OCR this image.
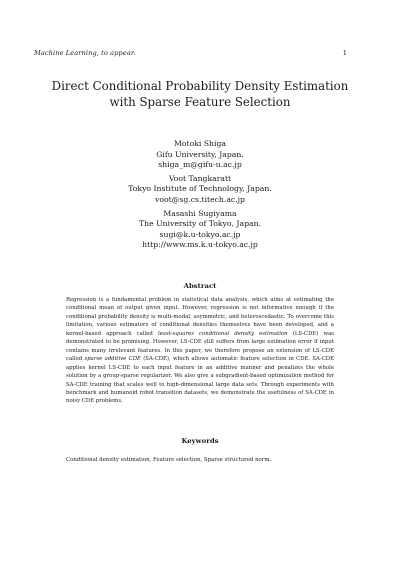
Machine Learning, to appear.	1
Direct Conditional Probability Density Estimation
with Sparse Feature Selection
Motoki Shiga
Gifu University, Japan.
shiga_m@gifu-u.ac.jp
Voot Tangkaratt
Tokyo Institute of Technology, Japan.
voot@sg.cs.titech.ac.jp
Masashi Sugiyama
The University of Tokyo, Japan.
sugi@k.u-tokyo.ac.jp
http://www.ms.k.u-tokyo.ac.jp
Abstract
Regression is a fundamental problem in statistical data analysis, which aims at estimating the conditional mean of output given input. However, regression is not informative enough if the conditional probability density is multi-modal, asymmetric, and heteroscedastic. To overcome this limitation, various estimators of conditional densities themselves have been developed, and a kernel-based approach called least-squares conditional density estimation (LS-CDE) was demonstrated to be promising. However, LS-CDE still suffers from large estimation error if input contains many irrelevant features. In this paper, we therefore propose an extension of LS-CDE called sparse additive CDE (SA-CDE), which allows automatic feature selection in CDE. SA-CDE applies kernel LS-CDE to each input feature in an additive manner and penalizes the whole solution by a group-sparse regularizer. We also give a subgradient-based optimization method for SA-CDE training that scales well to high-dimensional large data sets. Through experiments with benchmark and humanoid robot transition datasets, we demonstrate the usefulness of SA-CDE in noisy CDE problems.
Keywords
Conditional density estimation, Feature selection, Sparse structured norm.
